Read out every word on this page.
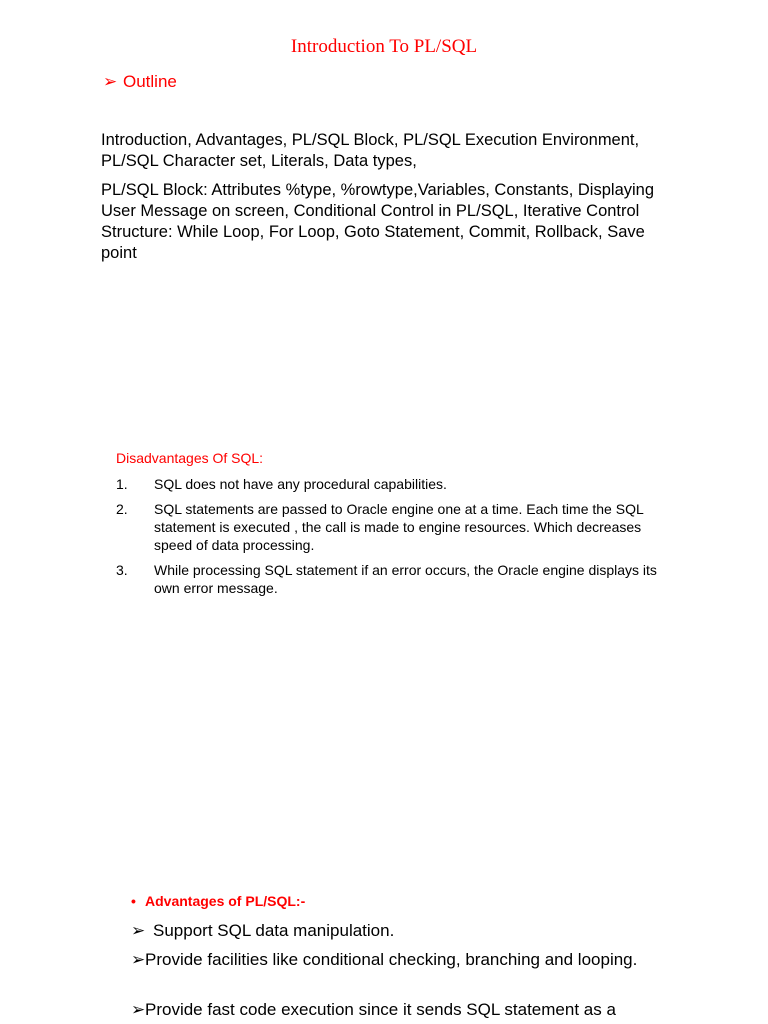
Introduction To PL/SQL
➢ Outline
Introduction, Advantages, PL/SQL Block, PL/SQL Execution Environment, PL/SQL Character set, Literals, Data types,
PL/SQL Block: Attributes %type, %rowtype,Variables, Constants, Displaying User Message on screen, Conditional Control in PL/SQL, Iterative Control Structure: While Loop, For Loop, Goto Statement, Commit, Rollback, Save point
Disadvantages Of SQL:
1.	SQL does not have any procedural capabilities.
2.	SQL statements are passed to Oracle engine one at a time. Each time the SQL statement is executed , the call is made to engine resources. Which decreases speed of data processing.
3.	While processing SQL statement if an error occurs, the Oracle engine displays its own error message.
• Advantages of PL/SQL:-
➢ Support SQL data manipulation.
➢ Provide facilities like conditional checking, branching and looping.
➢ Provide fast code execution since it sends SQL statement as a
